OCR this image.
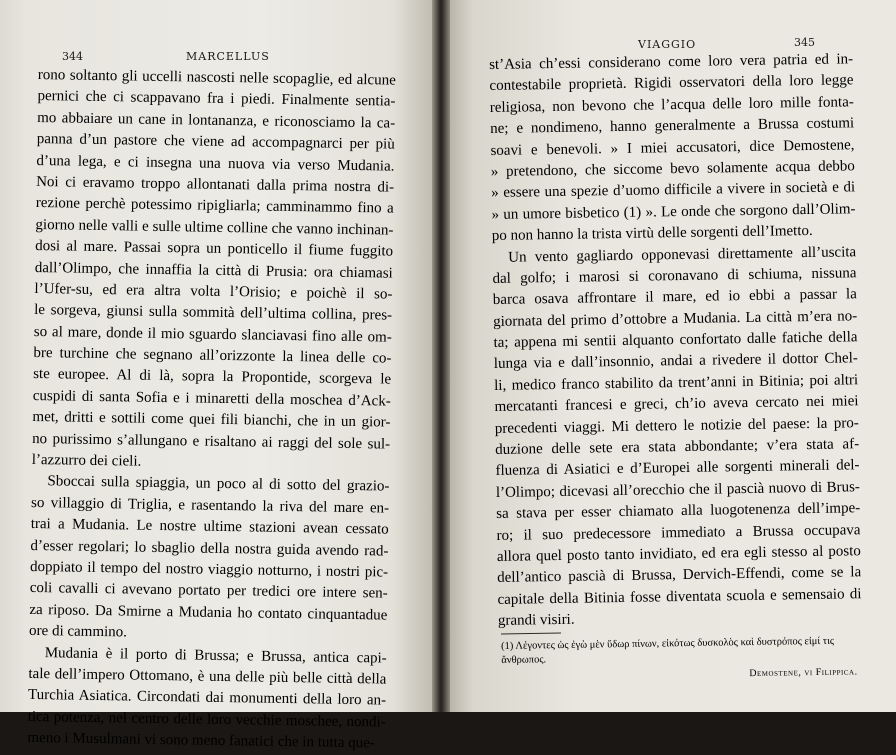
344	MARCELLUS
VIAGGIO	345
rono soltanto gli uccelli nascosti nelle scopaglie, ed alcune
pernici che ci scappavano fra i piedi. Finalmente sentia-
mo abbaiare un cane in lontananza, e riconosciamo la ca-
panna d’un pastore che viene ad accompagnarci per più
d’una lega, e ci insegna una nuova via verso Mudania.
Noi ci eravamo troppo allontanati dalla prima nostra di-
rezione perchè potessimo ripigliarla; camminammo fino a
giorno nelle valli e sulle ultime colline che vanno inchinan-
dosi al mare. Passai sopra un ponticello il fiume fuggito
dall’Olimpo, che innaffia la città di Prusia: ora chiamasi
l’Ufer-su, ed era altra volta l’Orisio; e poichè il so-
le sorgeva, giunsi sulla sommità dell’ultima collina, pres-
so al mare, donde il mio sguardo slanciavasi fino alle om-
bre turchine che segnano all’orizzonte la linea delle co-
ste europee. Al di là, sopra la Propontide, scorgeva le
cuspidi di santa Sofia e i minaretti della moschea d’Ack-
met, dritti e sottili come quei fili bianchi, che in un gior-
no purissimo s’allungano e risaltano ai raggi del sole sul-
l’azzurro dei cieli.
Sboccai sulla spiaggia, un poco al di sotto del grazio-
so villaggio di Triglia, e rasentando la riva del mare en-
trai a Mudania. Le nostre ultime stazioni avean cessato
d’esser regolari; lo sbaglio della nostra guida avendo rad-
doppiato il tempo del nostro viaggio notturno, i nostri pic-
coli cavalli ci avevano portato per tredici ore intere sen-
za riposo. Da Smirne a Mudania ho contato cinquantadue
ore di cammino.
Mudania è il porto di Brussa; e Brussa, antica capi-
tale dell’impero Ottomano, è una delle più belle città della
Turchia Asiatica. Circondati dai monumenti della loro an-
tica potenza, nel centro delle loro vecchie moschee, nondi-
meno i Musulmani vi sono meno fanatici che in tutta que-
st’Asia ch’essi considerano come loro vera patria ed in-
contestabile proprietà. Rigidi osservatori della loro legge
religiosa, non bevono che l’acqua delle loro mille fonta-
ne; e nondimeno, hanno generalmente a Brussa costumi
soavi e benevoli. » I miei accusatori, dice Demostene,
» pretendono, che siccome bevo solamente acqua debbo
» essere una spezie d’uomo difficile a vivere in società e di
» un umore bisbetico (1) ». Le onde che sorgono dall’Olim-
po non hanno la trista virtù delle sorgenti dell’Imetto.
Un vento gagliardo opponevasi direttamente all’uscita
dal golfo; i marosi si coronavano di schiuma, nissuna
barca osava affrontare il mare, ed io ebbi a passar la
giornata del primo d’ottobre a Mudania. La città m’era no-
ta; appena mi sentii alquanto confortato dalle fatiche della
lunga via e dall’insonnio, andai a rivedere il dottor Chel-
li, medico franco stabilito da trent’anni in Bitinia; poi altri
mercatanti francesi e greci, ch’io aveva cercato nei miei
precedenti viaggi. Mi dettero le notizie del paese: la pro-
duzione delle sete era stata abbondante; v’era stata af-
fluenza di Asiatici e d’Europei alle sorgenti minerali del-
l’Olimpo; dicevasi all’orecchio che il pascià nuovo di Brus-
sa stava per esser chiamato alla luogotenenza dell’impe-
ro; il suo predecessore immediato a Brussa occupava
allora quel posto tanto invidiato, ed era egli stesso al posto
dell’antico pascià di Brussa, Dervich-Effendi, come se la
capitale della Bitinia fosse diventata scuola e semensaio di
grandi visiri.
(1) Λέγοντες ὡς ἐγὼ μὲν ὕδωρ πίνων, εἰκότως δυσκολὸς καὶ δυστρόπος εἰμί τις ἄνθρωπος.
Demostene, vi Filippica.
